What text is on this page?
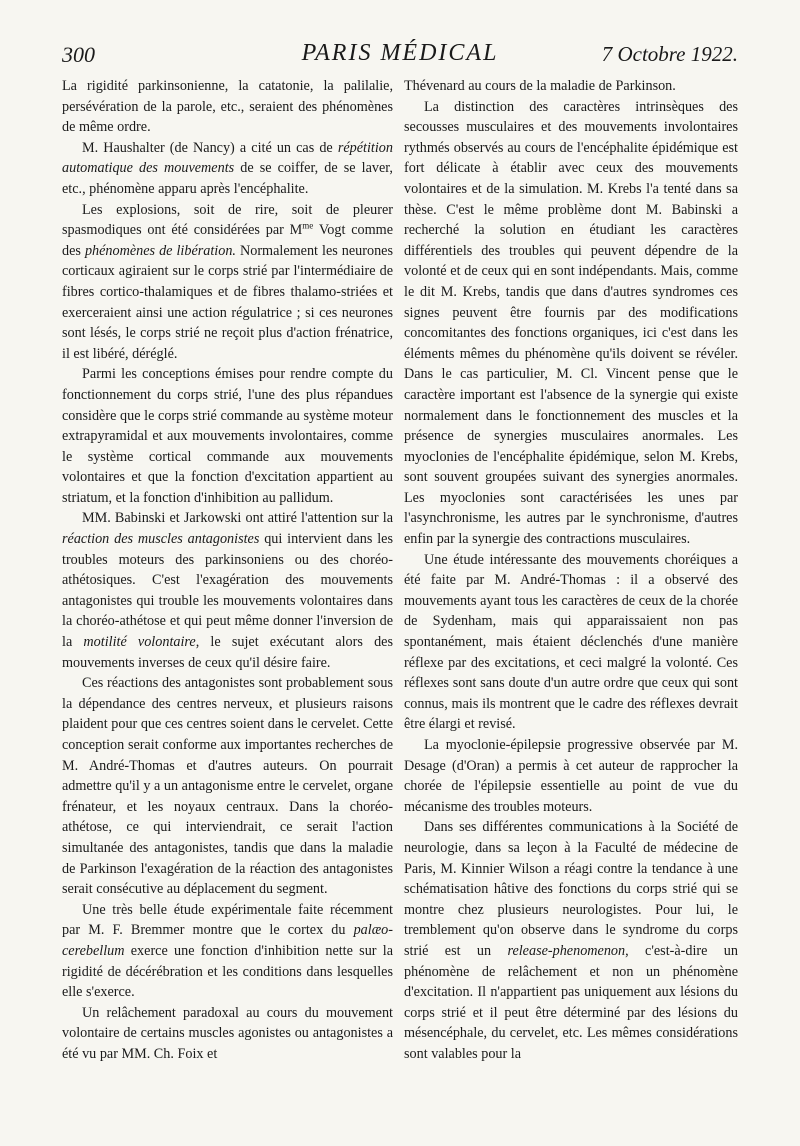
300	PARIS MÉDICAL	7 Octobre 1922.

La rigidité parkinsonienne, la catatonie, la palilalie, persévération de la parole, etc., seraient des phénomènes de même ordre.

M. Haushalter (de Nancy) a cité un cas de répétition automatique des mouvements de se coiffer, de se laver, etc., phénomène apparu après l'encéphalite.

Les explosions, soit de rire, soit de pleurer spasmodiques ont été considérées par $M^{me}$ Vogt comme des phénomènes de libération. Normalement les neurones corticaux agiraient sur le corps strié par l'intermédiaire de fibres cortico-thalamiques et de fibres thalamo-striées et exerceraient ainsi une action régulatrice ; si ces neurones sont lésés, le corps strié ne reçoit plus d'action frénatrice, il est libéré, déréglé.

Parmi les conceptions émises pour rendre compte du fonctionnement du corps strié, l'une des plus répandues considère que le corps strié commande au système moteur extrapyramidal et aux mouvements involontaires, comme le système cortical commande aux mouvements volontaires et que la fonction d'excitation appartient au striatum, et la fonction d'inhibition au pallidum.

MM. Babinski et Jarkowski ont attiré l'attention sur la réaction des muscles antagonistes qui intervient dans les troubles moteurs des parkinsoniens ou des choréo-athétosiques. C'est l'exagération des mouvements antagonistes qui trouble les mouvements volontaires dans la choréo-athétose et qui peut même donner l'inversion de la motilité volontaire, le sujet exécutant alors des mouvements inverses de ceux qu'il désire faire.

Ces réactions des antagonistes sont probablement sous la dépendance des centres nerveux, et plusieurs raisons plaident pour que ces centres soient dans le cervelet. Cette conception serait conforme aux importantes recherches de M. André-Thomas et d'autres auteurs. On pourrait admettre qu'il y a un antagonisme entre le cervelet, organe frénateur, et les noyaux centraux. Dans la choréo-athétose, ce qui interviendrait, ce serait l'action simultanée des antagonistes, tandis que dans la maladie de Parkinson l'exagération de la réaction des antagonistes serait consécutive au déplacement du segment.

Une très belle étude expérimentale faite récemment par M. F. Bremmer montre que le cortex du palæo-cerebellum exerce une fonction d'inhibition nette sur la rigidité de décérébration et les conditions dans lesquelles elle s'exerce.

Un relâchement paradoxal au cours du mouvement volontaire de certains muscles agonistes ou antagonistes a été vu par MM. Ch. Foix et

Thévenard au cours de la maladie de Parkinson.

La distinction des caractères intrinsèques des secousses musculaires et des mouvements involontaires rythmés observés au cours de l'encéphalite épidémique est fort délicate à établir avec ceux des mouvements volontaires et de la simulation. M. Krebs l'a tenté dans sa thèse. C'est le même problème dont M. Babinski a recherché la solution en étudiant les caractères différentiels des troubles qui peuvent dépendre de la volonté et de ceux qui en sont indépendants. Mais, comme le dit M. Krebs, tandis que dans d'autres syndromes ces signes peuvent être fournis par des modifications concomitantes des fonctions organiques, ici c'est dans les éléments mêmes du phénomène qu'ils doivent se révéler. Dans le cas particulier, M. Cl. Vincent pense que le caractère important est l'absence de la synergie qui existe normalement dans le fonctionnement des muscles et la présence de synergies musculaires anormales. Les myoclonies de l'encéphalite épidémique, selon M. Krebs, sont souvent groupées suivant des synergies anormales. Les myoclonies sont caractérisées les unes par l'asynchronisme, les autres par le synchronisme, d'autres enfin par la synergie des contractions musculaires.

Une étude intéressante des mouvements choréiques a été faite par M. André-Thomas : il a observé des mouvements ayant tous les caractères de ceux de la chorée de Sydenham, mais qui apparaissaient non pas spontanément, mais étaient déclenchés d'une manière réflexe par des excitations, et ceci malgré la volonté. Ces réflexes sont sans doute d'un autre ordre que ceux qui sont connus, mais ils montrent que le cadre des réflexes devrait être élargi et revisé.

La myoclonie-épilepsie progressive observée par M. Desage (d'Oran) a permis à cet auteur de rapprocher la chorée de l'épilepsie essentielle au point de vue du mécanisme des troubles moteurs.

Dans ses différentes communications à la Société de neurologie, dans sa leçon à la Faculté de médecine de Paris, M. Kinnier Wilson a réagi contre la tendance à une schématisation hâtive des fonctions du corps strié qui se montre chez plusieurs neurologistes. Pour lui, le tremblement qu'on observe dans le syndrome du corps strié est un release-phenomenon, c'est-à-dire un phénomène de relâchement et non un phénomène d'excitation. Il n'appartient pas uniquement aux lésions du corps strié et il peut être déterminé par des lésions du mésencéphale, du cervelet, etc. Les mêmes considérations sont valables pour la
